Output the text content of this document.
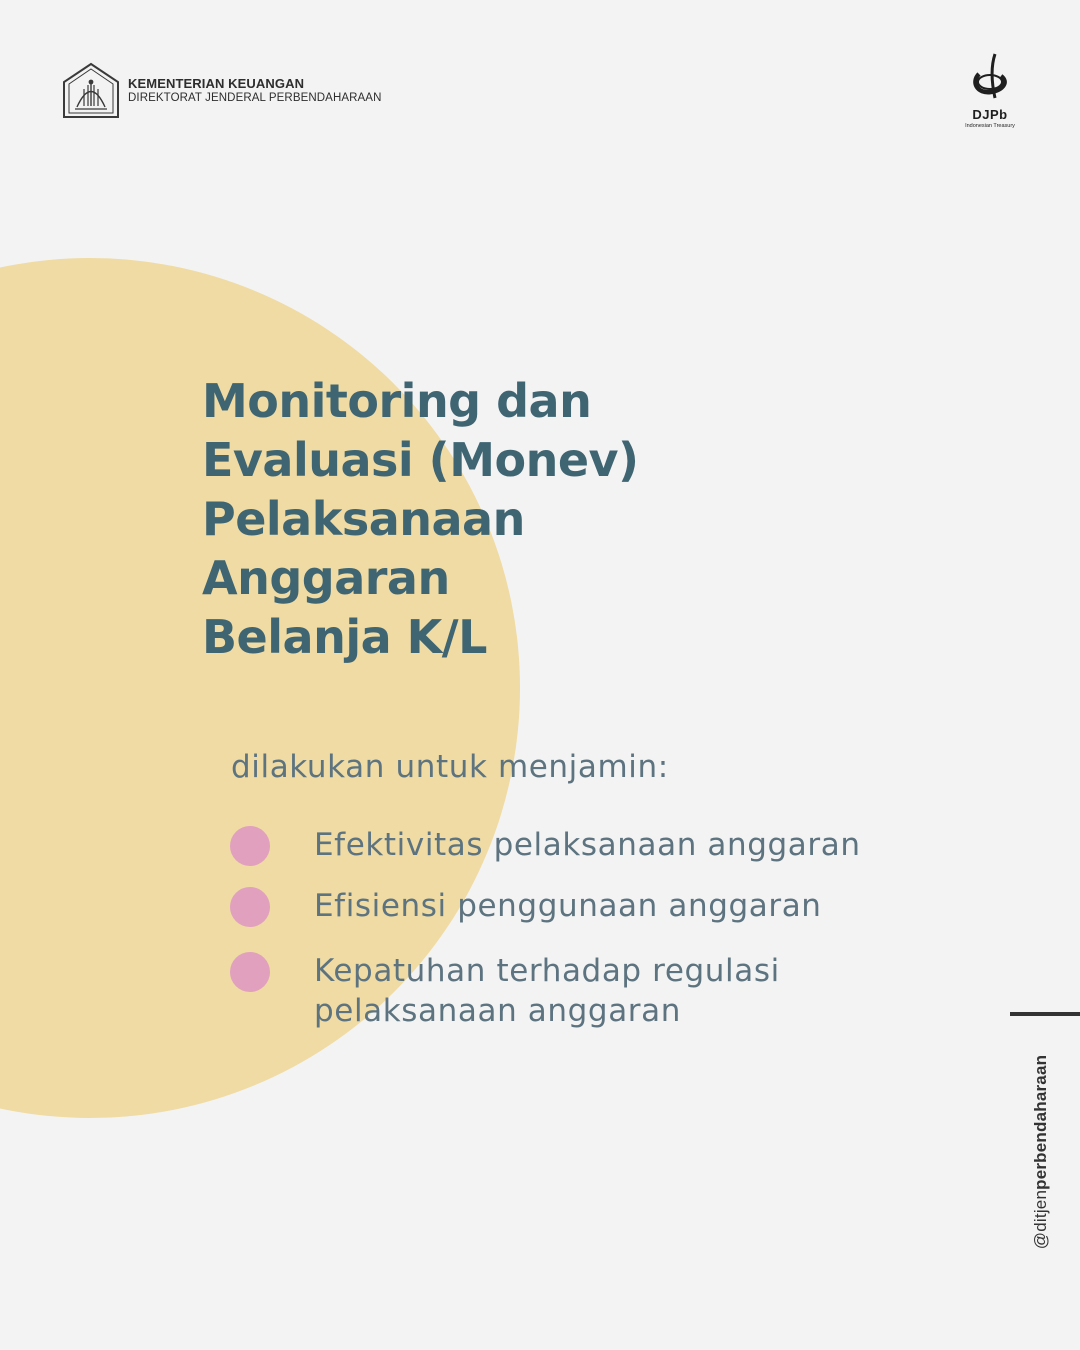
KEMENTERIAN KEUANGAN
DIREKTORAT JENDERAL PERBENDAHARAAN
DJPb
Indonesian Treasury
Monitoring dan
Evaluasi (Monev)
Pelaksanaan
Anggaran
Belanja K/L
dilakukan untuk menjamin:
Efektivitas pelaksanaan anggaran
Efisiensi penggunaan anggaran
Kepatuhan terhadap regulasi pelaksanaan anggaran
@ditjenperbendaharaan
